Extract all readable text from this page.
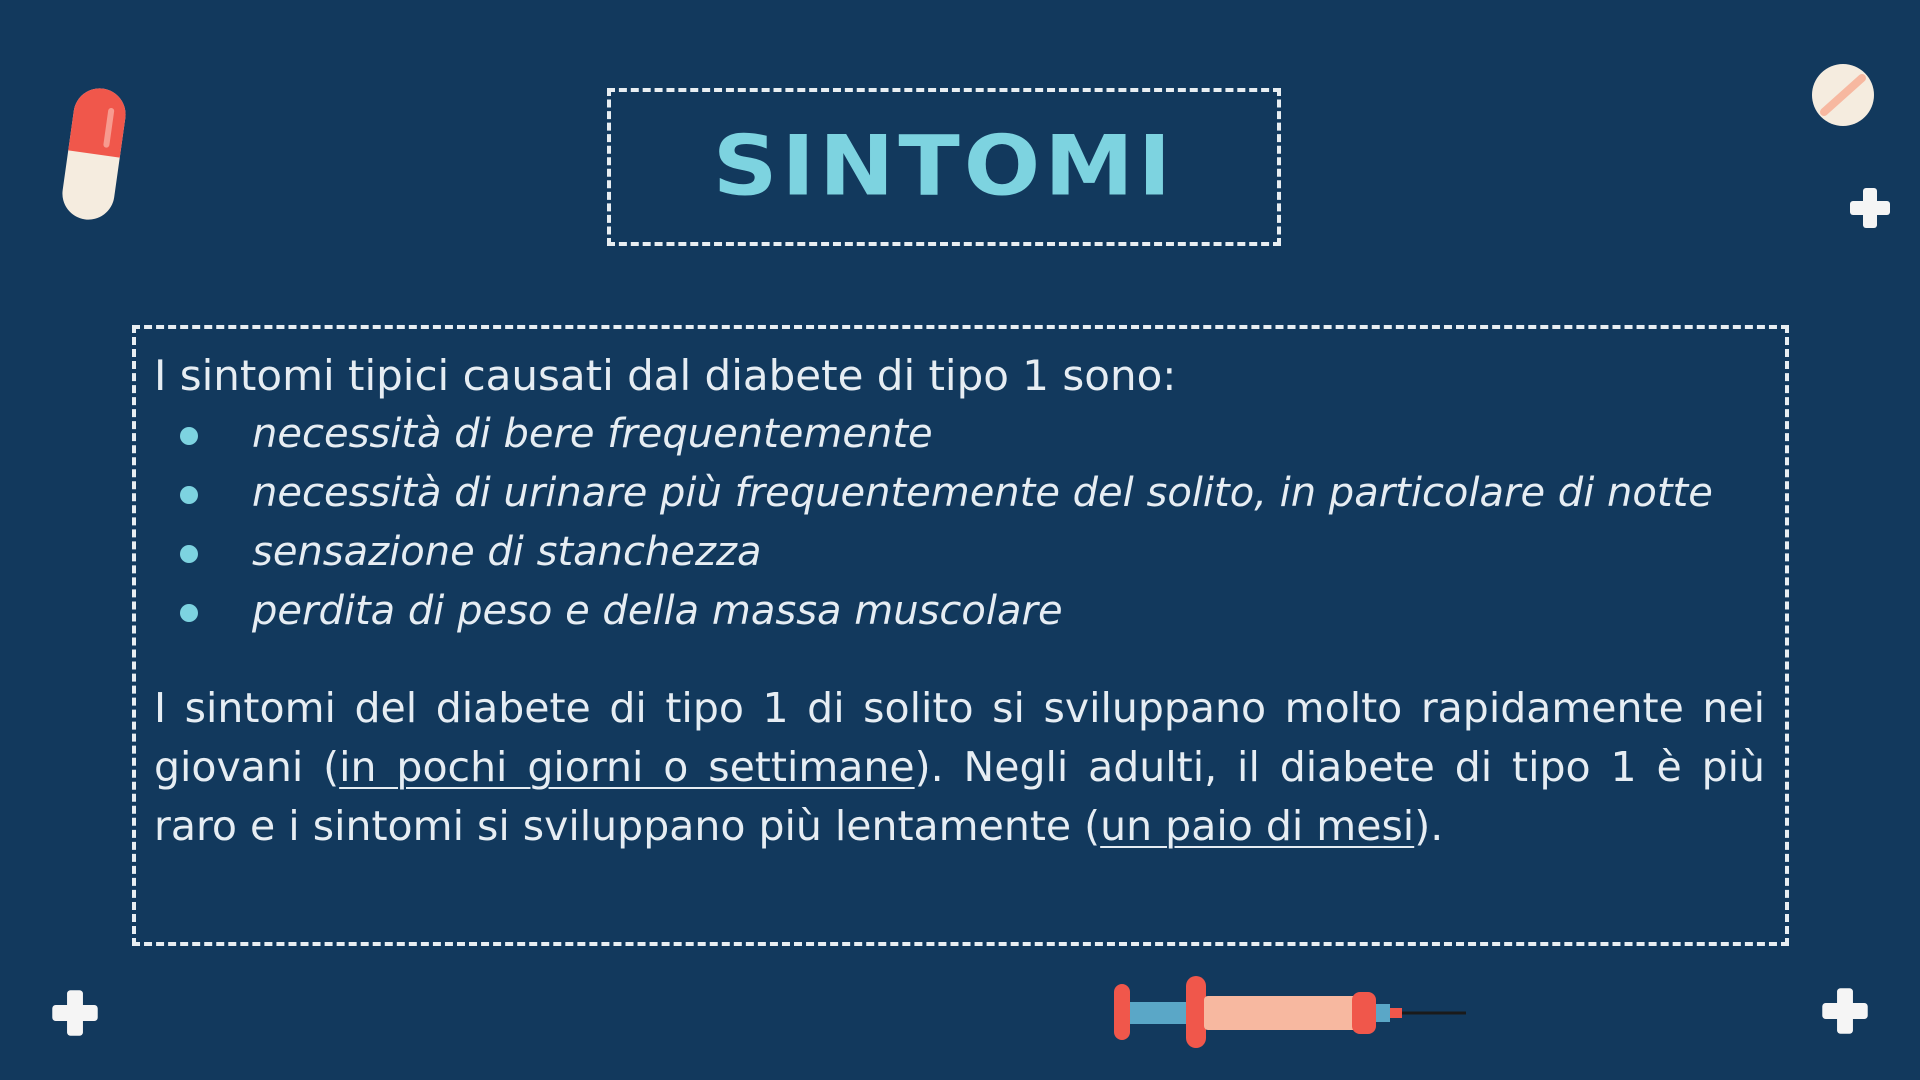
SINTOMI

I sintomi tipici causati dal diabete di tipo 1 sono:

necessità di bere frequentemente
necessità di urinare più frequentemente del solito, in particolare di notte
sensazione di stanchezza
perdita di peso e della massa muscolare
I sintomi del diabete di tipo 1 di solito si sviluppano molto rapidamente nei giovani (in pochi giorni o settimane). Negli adulti, il diabete di tipo 1 è più raro e i sintomi si sviluppano più lentamente (un paio di mesi).
